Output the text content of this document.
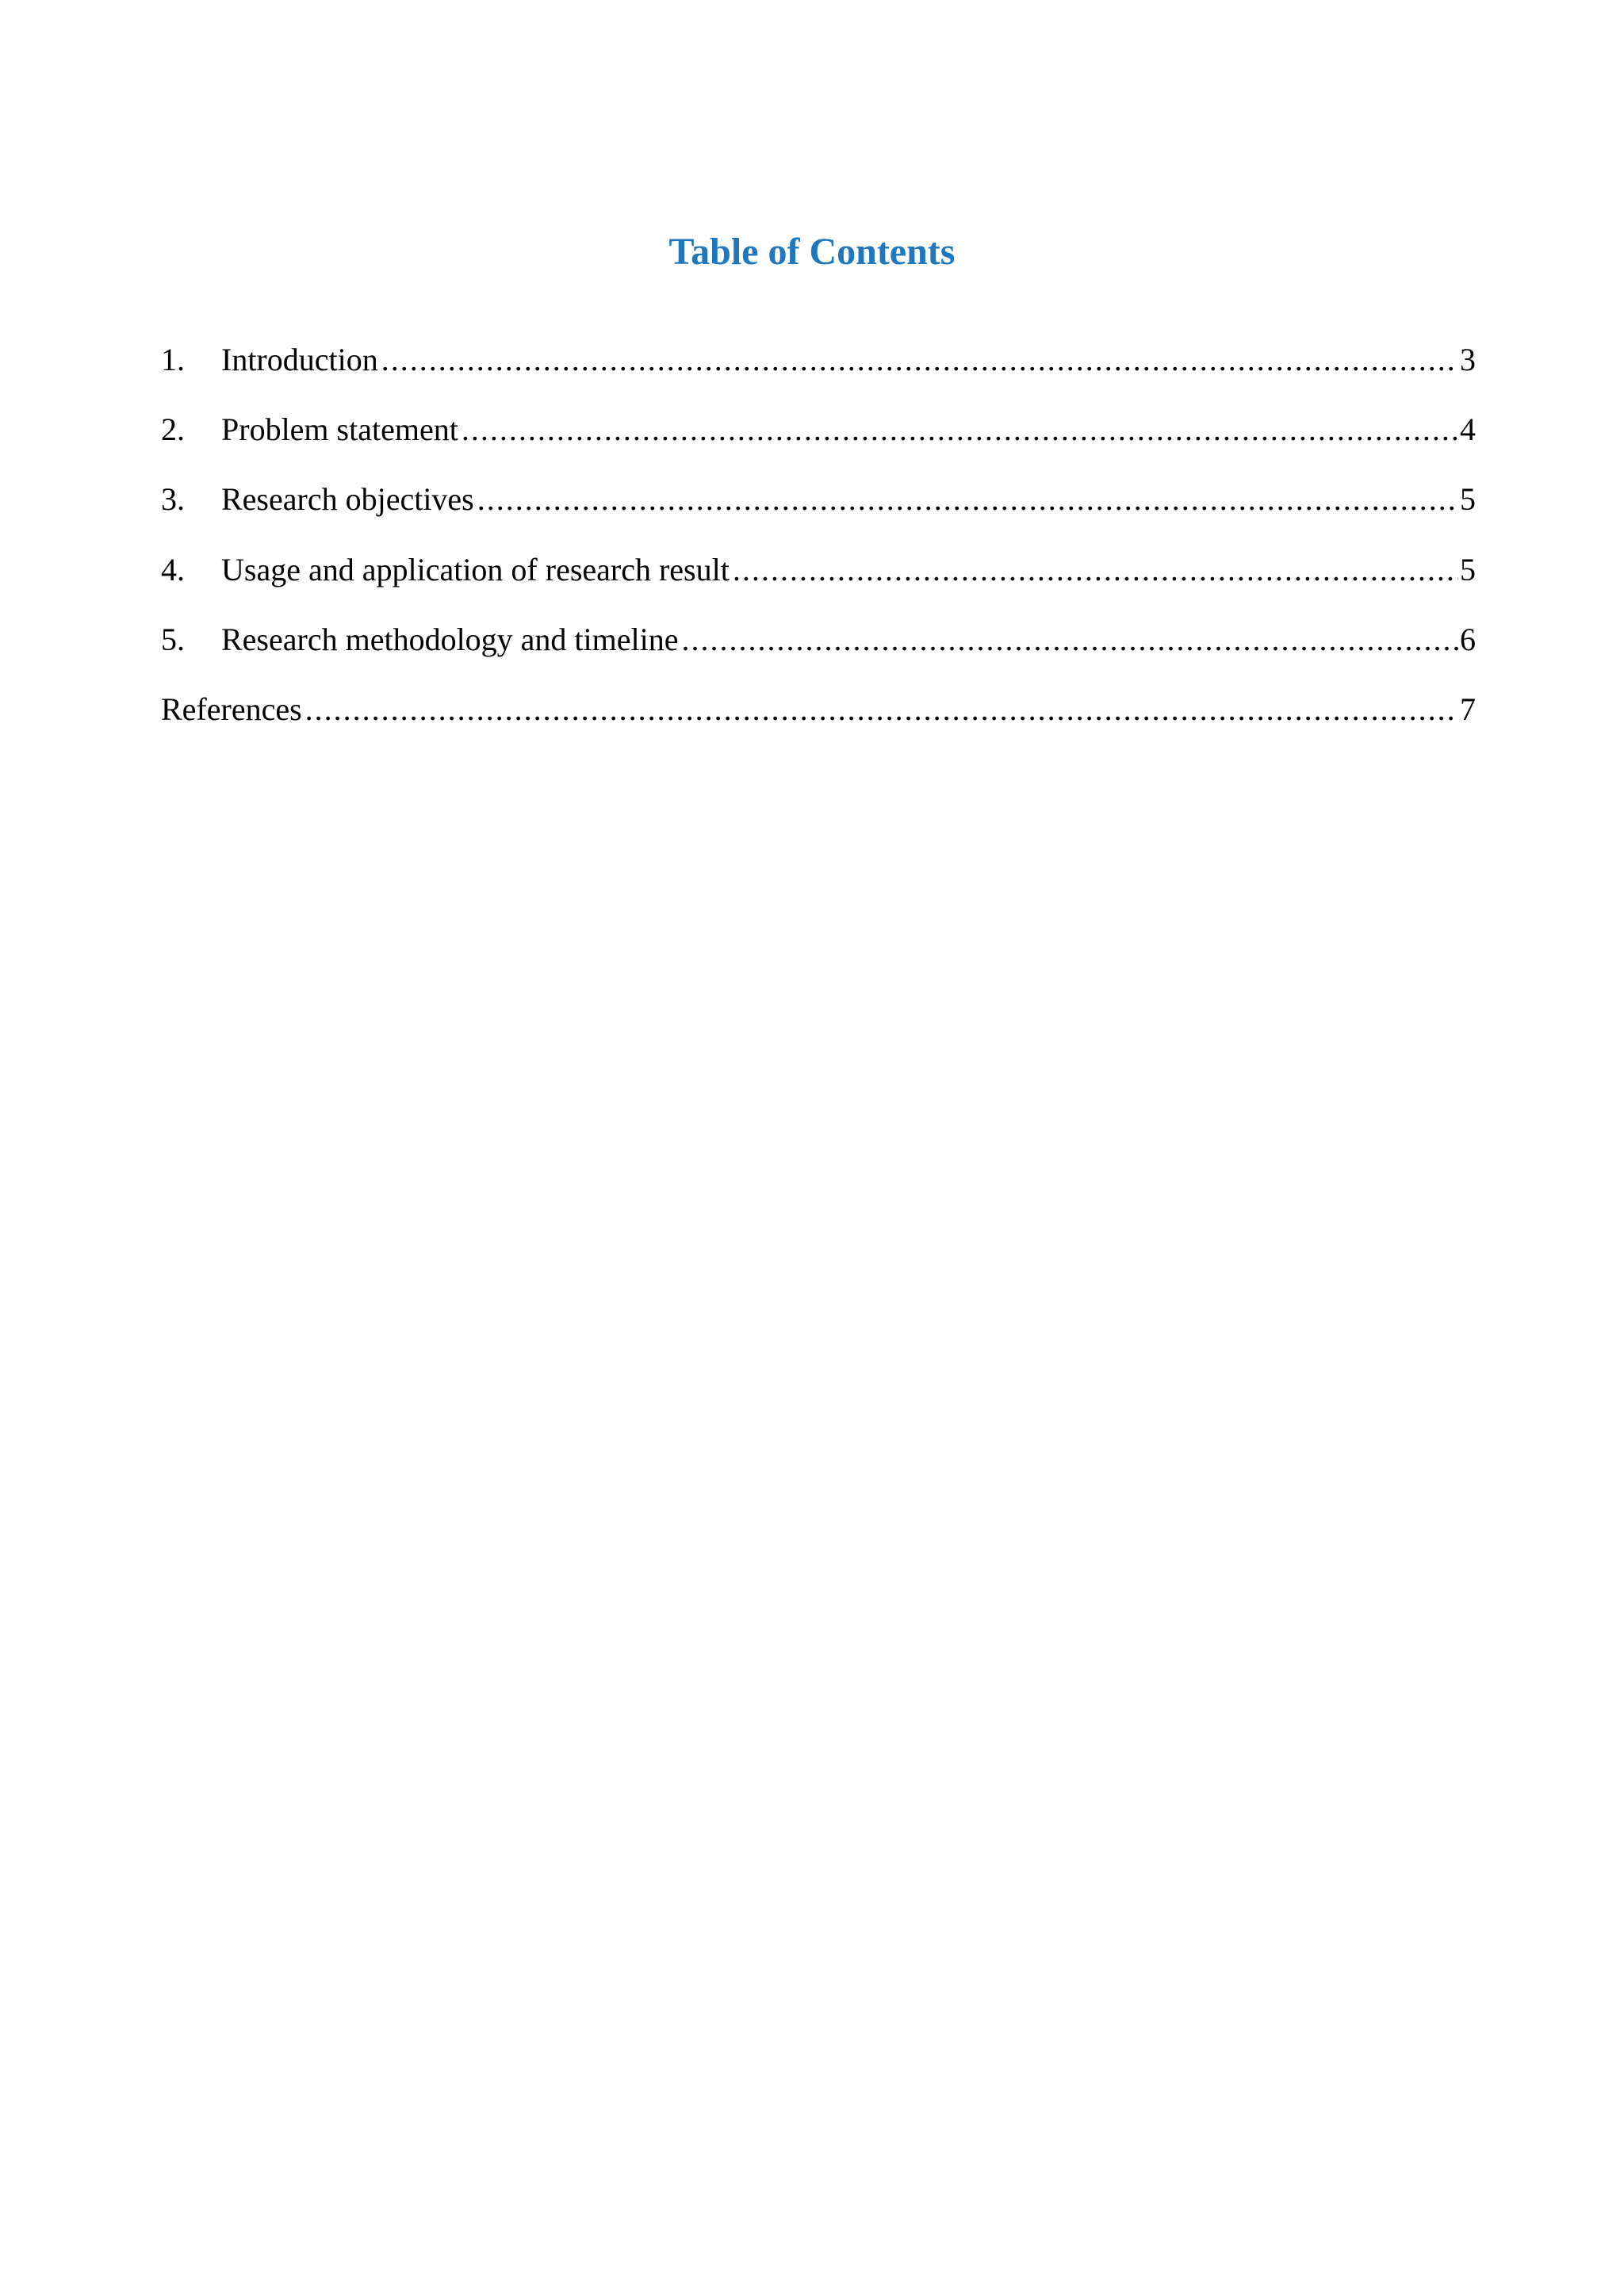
Table of Contents
1.	Introduction .....	3
2.	Problem statement .....	4
3.	Research objectives .....	5
4.	Usage and application of research result .....	5
5.	Research methodology and timeline .....	6
References .....	7
